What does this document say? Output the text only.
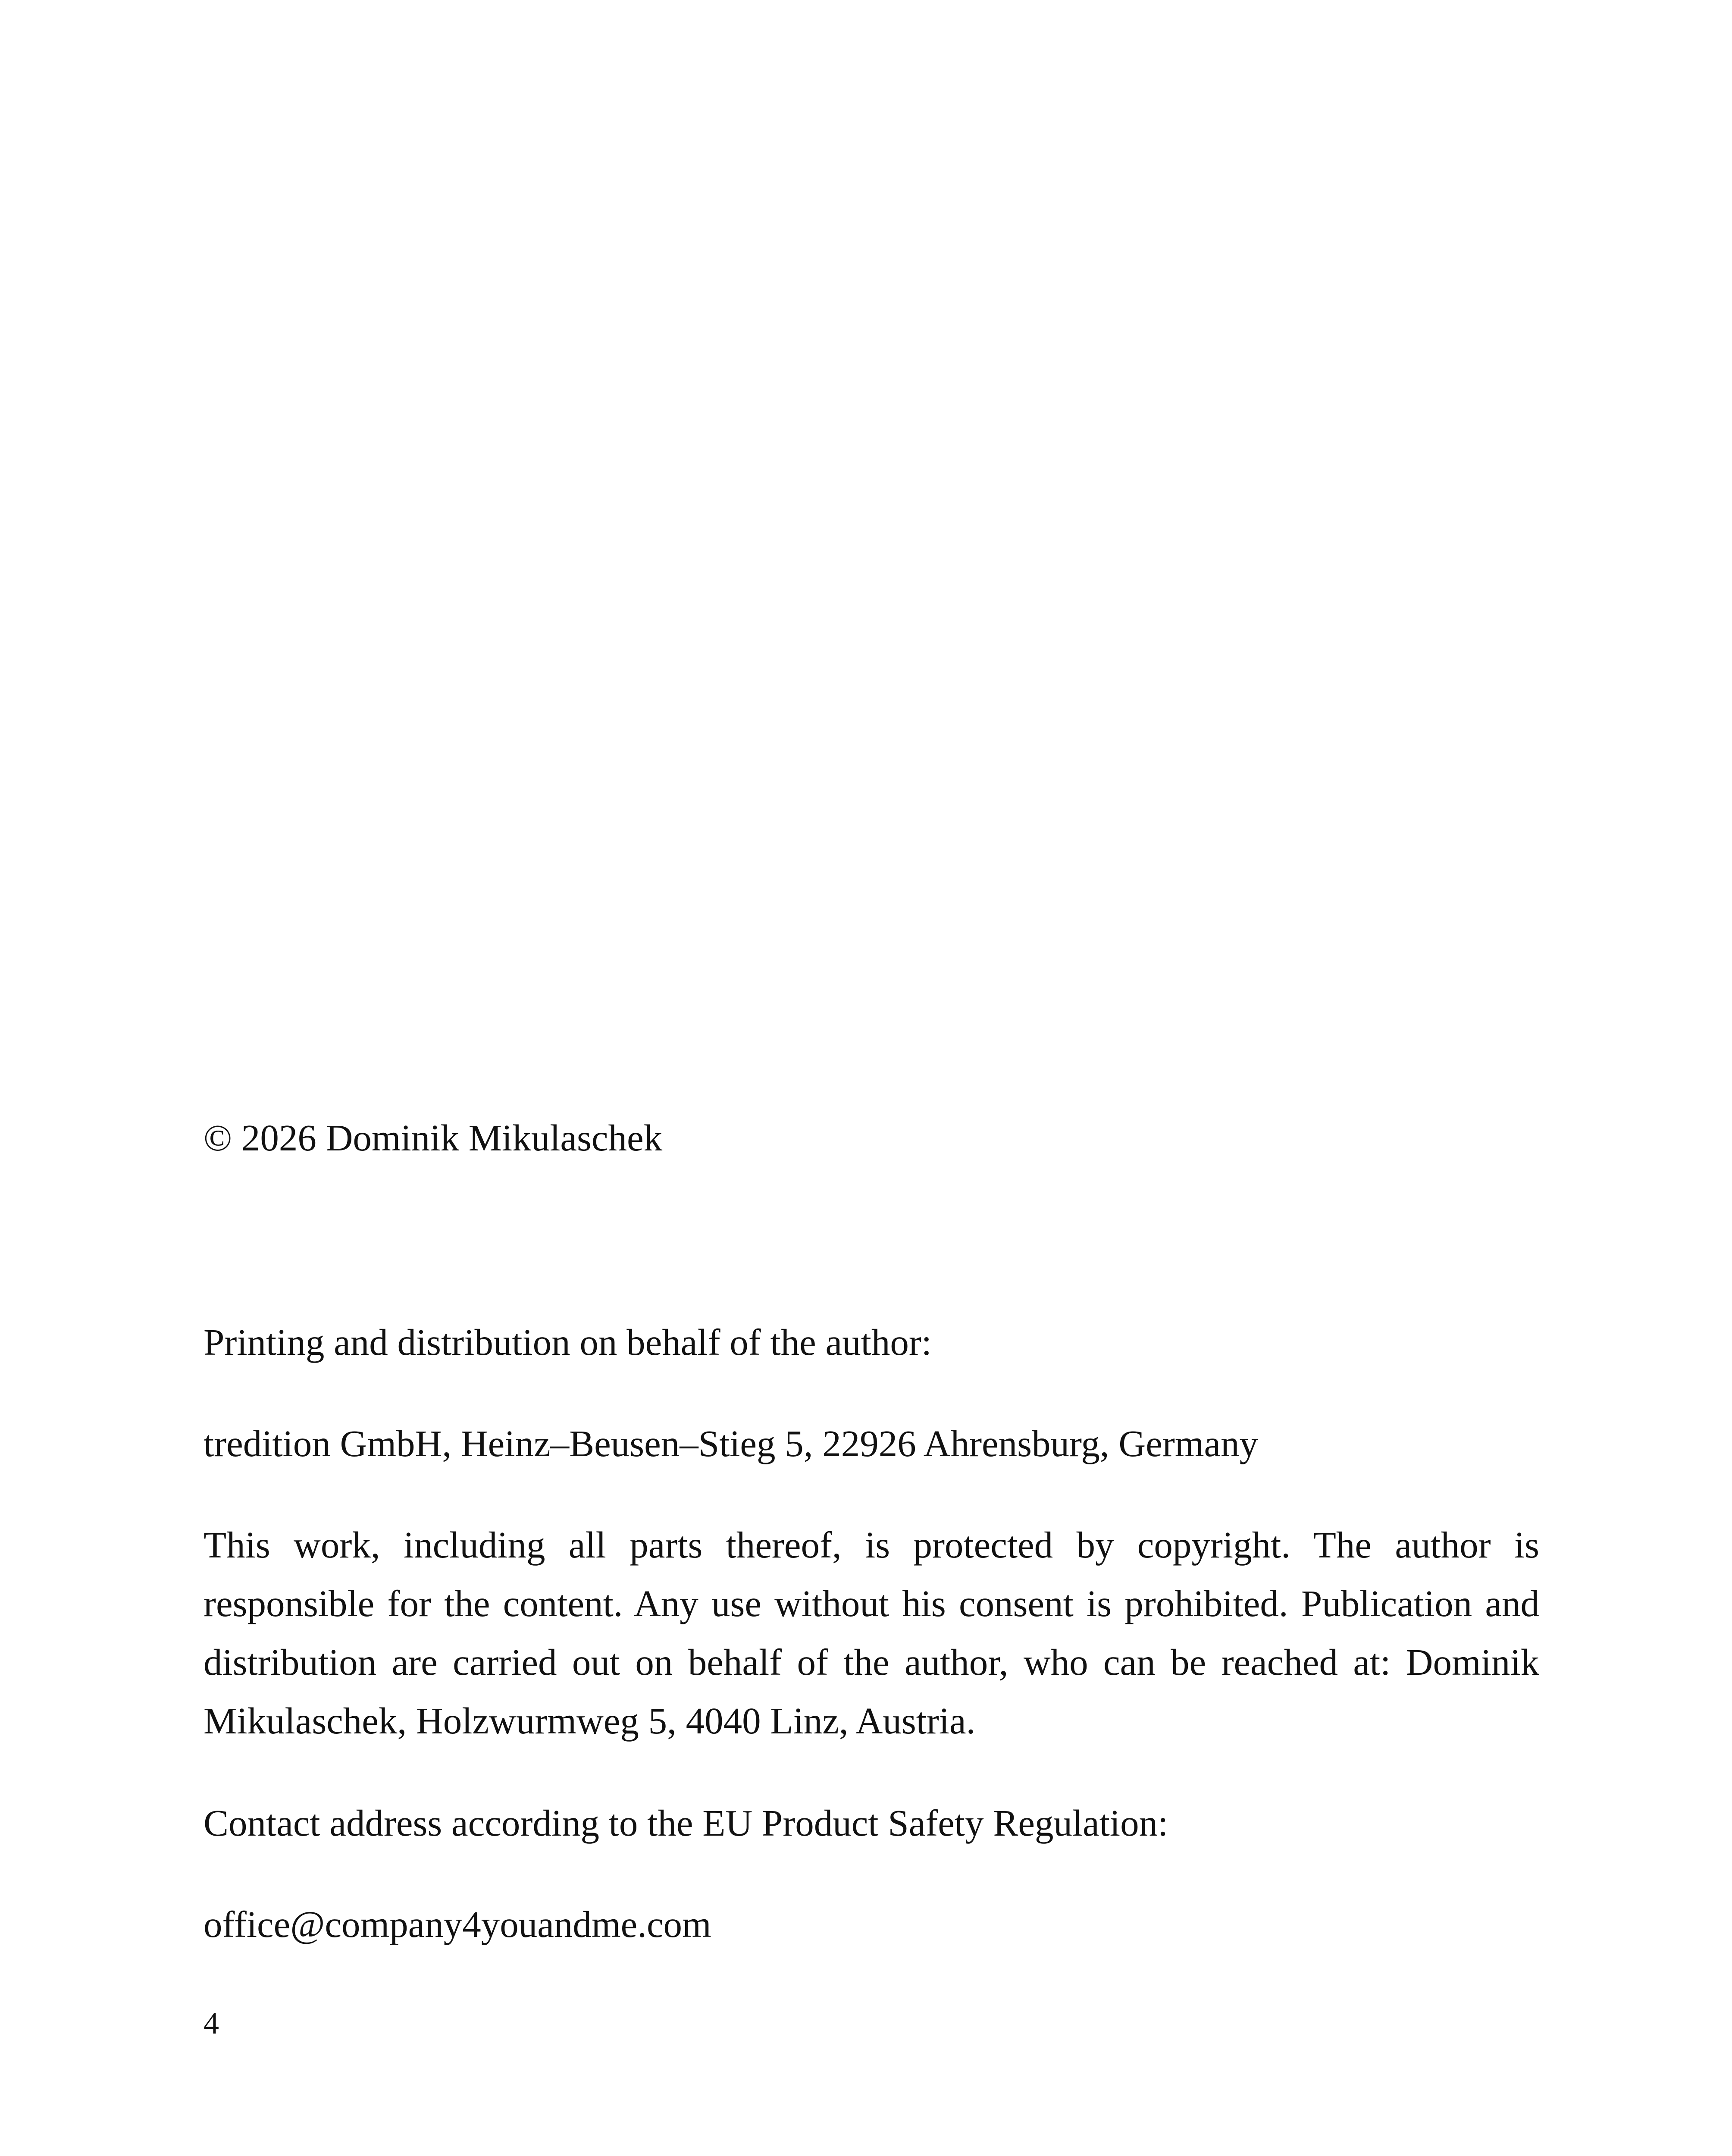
© 2026 Dominik Mikulaschek

Printing and distribution on behalf of the author:

tredition GmbH, Heinz–Beusen–Stieg 5, 22926 Ahrensburg, Germany

This work, including all parts thereof, is protected by copyright. The author is responsible for the content. Any use without his consent is prohibited. Publication and distribution are carried out on behalf of the author, who can be reached at: Dominik Mikulaschek, Holzwurmweg 5, 4040 Linz, Austria.

Contact address according to the EU Product Safety Regulation:

office@company4youandme.com

4
